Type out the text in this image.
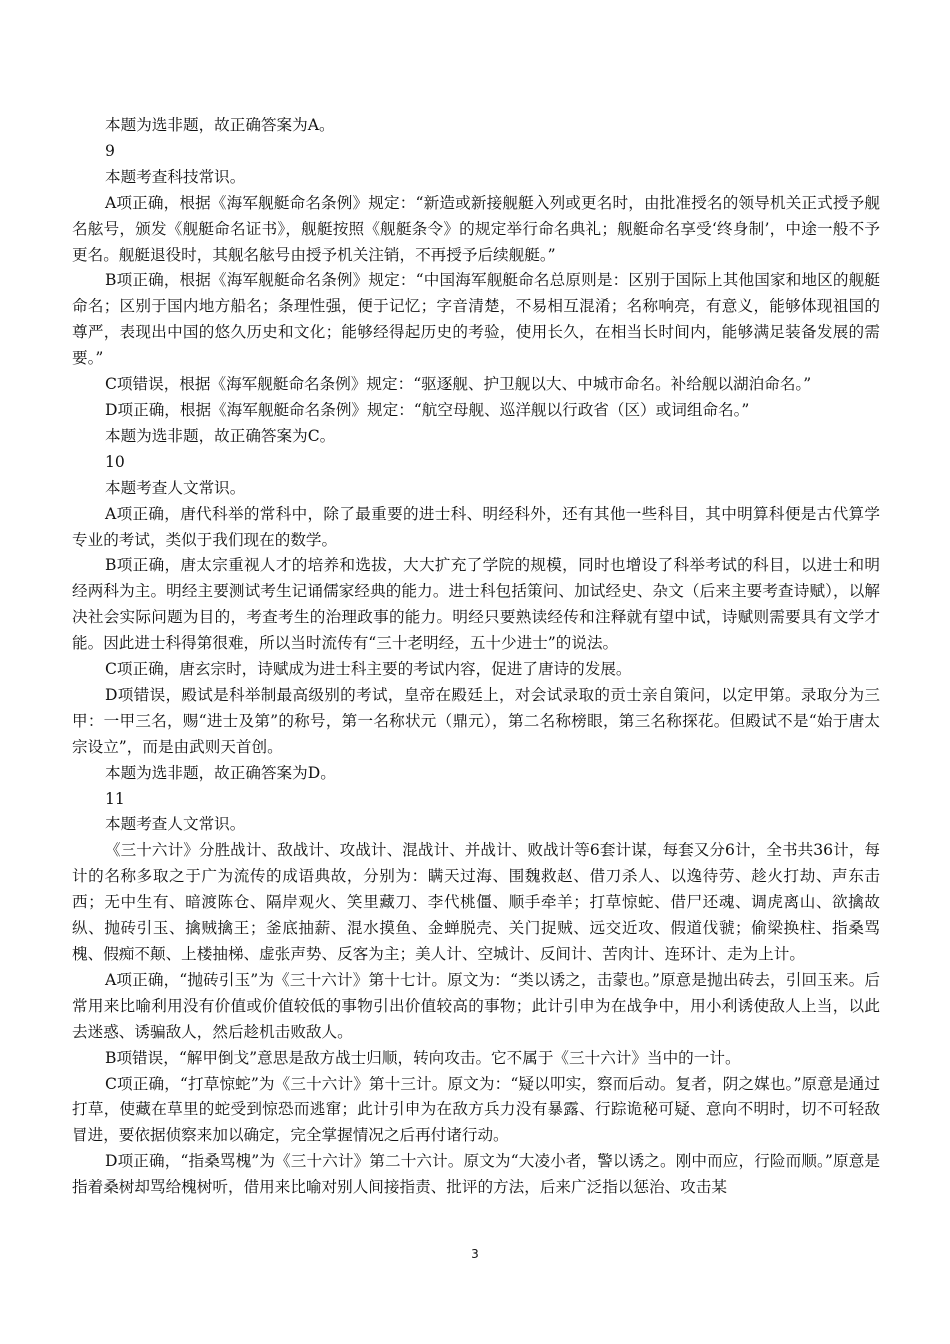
本题为选非题，故正确答案为A。

9

本题考查科技常识。

A项正确，根据《海军舰艇命名条例》规定：“新造或新接舰艇入列或更名时，由批准授名的领导机关正式授予舰名舷号，颁发《舰艇命名证书》，舰艇按照《舰艇条令》的规定举行命名典礼；舰艇命名享受‘终身制’，中途一般不予更名。舰艇退役时，其舰名舷号由授予机关注销，不再授予后续舰艇。”

B项正确，根据《海军舰艇命名条例》规定：“中国海军舰艇命名总原则是：区别于国际上其他国家和地区的舰艇命名；区别于国内地方船名；条理性强，便于记忆；字音清楚，不易相互混淆；名称响亮，有意义，能够体现祖国的尊严，表现出中国的悠久历史和文化；能够经得起历史的考验，使用长久，在相当长时间内，能够满足装备发展的需要。”

C项错误，根据《海军舰艇命名条例》规定：“驱逐舰、护卫舰以大、中城市命名。补给舰以湖泊命名。”

D项正确，根据《海军舰艇命名条例》规定：“航空母舰、巡洋舰以行政省（区）或词组命名。”

本题为选非题，故正确答案为C。

10

本题考查人文常识。

A项正确，唐代科举的常科中，除了最重要的进士科、明经科外，还有其他一些科目，其中明算科便是古代算学专业的考试，类似于我们现在的数学。

B项正确，唐太宗重视人才的培养和选拔，大大扩充了学院的规模，同时也增设了科举考试的科目，以进士和明经两科为主。明经主要测试考生记诵儒家经典的能力。进士科包括策问、加试经史、杂文（后来主要考查诗赋），以解决社会实际问题为目的，考查考生的治理政事的能力。明经只要熟读经传和注释就有望中试，诗赋则需要具有文学才能。因此进士科得第很难，所以当时流传有“三十老明经，五十少进士”的说法。

C项正确，唐玄宗时，诗赋成为进士科主要的考试内容，促进了唐诗的发展。

D项错误，殿试是科举制最高级别的考试，皇帝在殿廷上，对会试录取的贡士亲自策问，以定甲第。录取分为三甲：一甲三名，赐“进士及第”的称号，第一名称状元（鼎元），第二名称榜眼，第三名称探花。但殿试不是“始于唐太宗设立”，而是由武则天首创。

本题为选非题，故正确答案为D。

11

本题考查人文常识。

《三十六计》分胜战计、敌战计、攻战计、混战计、并战计、败战计等6套计谋，每套又分6计，全书共36计，每计的名称多取之于广为流传的成语典故，分别为：瞒天过海、围魏救赵、借刀杀人、以逸待劳、趁火打劫、声东击西；无中生有、暗渡陈仓、隔岸观火、笑里藏刀、李代桃僵、顺手牵羊；打草惊蛇、借尸还魂、调虎离山、欲擒故纵、抛砖引玉、擒贼擒王；釜底抽薪、混水摸鱼、金蝉脱壳、关门捉贼、远交近攻、假道伐虢；偷梁换柱、指桑骂槐、假痴不颠、上楼抽梯、虚张声势、反客为主；美人计、空城计、反间计、苦肉计、连环计、走为上计。

A项正确，“抛砖引玉”为《三十六计》第十七计。原文为：“类以诱之，击蒙也。”原意是抛出砖去，引回玉来。后常用来比喻利用没有价值或价值较低的事物引出价值较高的事物；此计引申为在战争中，用小利诱使敌人上当，以此去迷惑、诱骗敌人，然后趁机击败敌人。

B项错误，“解甲倒戈”意思是敌方战士归顺，转向攻击。它不属于《三十六计》当中的一计。

C项正确，“打草惊蛇”为《三十六计》第十三计。原文为：“疑以叩实，察而后动。复者，阴之媒也。”原意是通过打草，使藏在草里的蛇受到惊恐而逃窜；此计引申为在敌方兵力没有暴露、行踪诡秘可疑、意向不明时，切不可轻敌冒进，要依据侦察来加以确定，完全掌握情况之后再付诸行动。

D项正确，“指桑骂槐”为《三十六计》第二十六计。原文为“大凌小者，警以诱之。刚中而应，行险而顺。”原意是指着桑树却骂给槐树听，借用来比喻对别人间接指责、批评的方法，后来广泛指以惩治、攻击某

3
